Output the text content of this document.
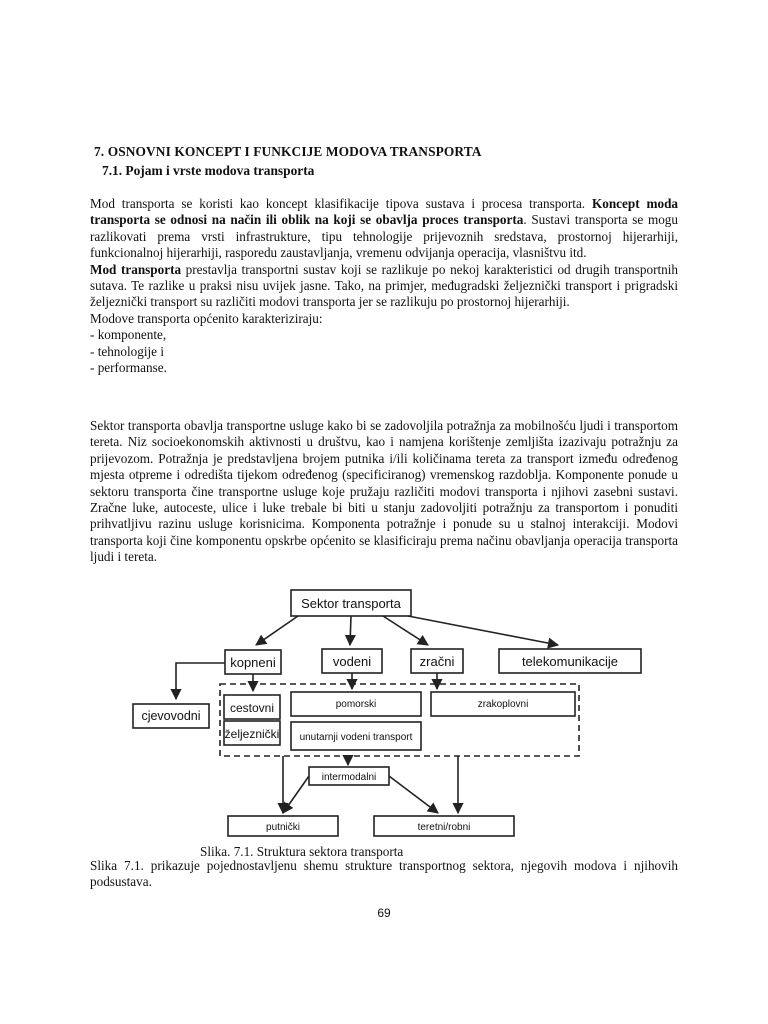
7. OSNOVNI KONCEPT I FUNKCIJE MODOVA TRANSPORTA
7.1. Pojam i vrste modova transporta

Mod transporta se koristi kao koncept klasifikacije tipova sustava i procesa transporta. Koncept moda transporta se odnosi na način ili oblik na koji se obavlja proces transporta. Sustavi transporta se mogu razlikovati prema vrsti infrastrukture, tipu tehnologije prijevoznih sredstava, prostornoj hijerarhiji, funkcionalnoj hijerarhiji, rasporedu zaustavljanja, vremenu odvijanja operacija, vlasništvu itd.

Mod transporta prestavlja transportni sustav koji se razlikuje po nekoj karakteristici od drugih transportnih sutava. Te razlike u praksi nisu uvijek jasne. Tako, na primjer, međugradski željeznički transport i prigradski željeznički transport su različiti modovi transporta jer se razlikuju po prostornoj hijerarhiji.

Modove transporta općenito karakteriziraju:

- komponente,

- tehnologije i

- performanse.

Sektor transporta obavlja transportne usluge kako bi se zadovoljila potražnja za mobilnošću ljudi i transportom tereta. Niz socioekonomskih aktivnosti u društvu, kao i namjena korištenje zemljišta izazivaju potražnju za prijevozom. Potražnja je predstavljena brojem putnika i/ili količinama tereta za transport između određenog mjesta otpreme i odredišta tijekom određenog (specificiranog) vremenskog razdoblja. Komponente ponude u sektoru transporta čine transportne usluge koje pružaju različiti modovi transporta i njihovi zasebni sustavi. Zračne luke, autoceste, ulice i luke trebale bi biti u stanju zadovoljiti potražnju za transportom i ponuditi prihvatljivu razinu usluge korisnicima. Komponenta potražnje i ponude su u stalnoj interakciji. Modovi transporta koji čine komponentu opskrbe općenito se klasificiraju prema načinu obavljanja operacija transporta ljudi i tereta.

Sektor transporta
kopneni	vodeni	zračni	telekomunikacije
cjevovodni
cestovni
željeznički
pomorski
unutarnji vodeni transport
zrakoplovni
intermodalni
putnički	teretni/robni
Slika. 7.1. Struktura sektora transporta
Slika 7.1. prikazuje pojednostavljenu shemu strukture transportnog sektora, njegovih modova i njihovih podsustava.
69
